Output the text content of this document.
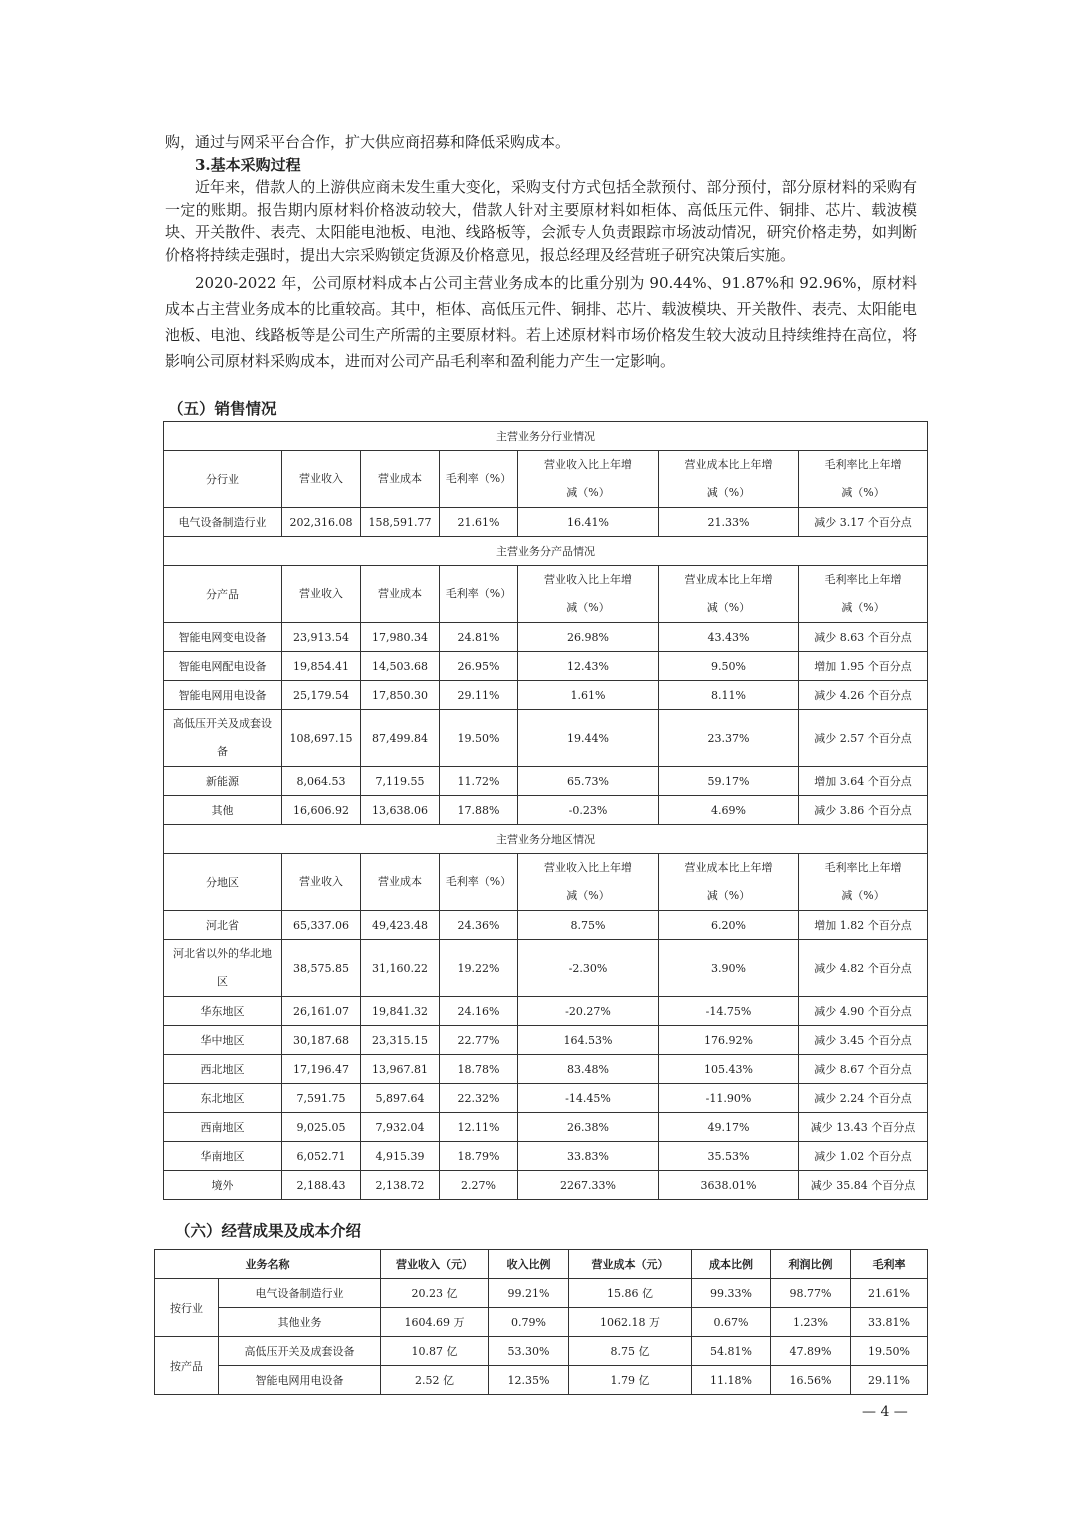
购，通过与网采平台合作，扩大供应商招募和降低采购成本。

3.基本采购过程

近年来，借款人的上游供应商未发生重大变化，采购支付方式包括全款预付、部分预付，部分原材料的采购有一定的账期。报告期内原材料价格波动较大，借款人针对主要原材料如柜体、高低压元件、铜排、芯片、载波模块、开关散件、表壳、太阳能电池板、电池、线路板等，会派专人负责跟踪市场波动情况，研究价格走势，如判断价格将持续走强时，提出大宗采购锁定货源及价格意见，报总经理及经营班子研究决策后实施。

2020-2022 年，公司原材料成本占公司主营业务成本的比重分别为 90.44%、91.87%和 92.96%，原材料成本占主营业务成本的比重较高。其中，柜体、高低压元件、铜排、芯片、载波模块、开关散件、表壳、太阳能电池板、电池、线路板等是公司生产所需的主要原材料。若上述原材料市场价格发生较大波动且持续维持在高位，将影响公司原材料采购成本，进而对公司产品毛利率和盈利能力产生一定影响。

（五）销售情况
主营业务分行业情况						
分行业	营业收入	营业成本	毛利率（%）	营业收入比上年增减（%）	营业成本比上年增减（%）	毛利率比上年增减（%）
电气设备制造行业	202,316.08	158,591.77	21.61%	16.41%	21.33%	减少 3.17 个百分点
主营业务分产品情况						
分产品	营业收入	营业成本	毛利率（%）	营业收入比上年增减（%）	营业成本比上年增减（%）	毛利率比上年增减（%）
智能电网变电设备	23,913.54	17,980.34	24.81%	26.98%	43.43%	减少 8.63 个百分点
智能电网配电设备	19,854.41	14,503.68	26.95%	12.43%	9.50%	增加 1.95 个百分点
智能电网用电设备	25,179.54	17,850.30	29.11%	1.61%	8.11%	减少 4.26 个百分点
高低压开关及成套设备	108,697.15	87,499.84	19.50%	19.44%	23.37%	减少 2.57 个百分点
新能源	8,064.53	7,119.55	11.72%	65.73%	59.17%	增加 3.64 个百分点
其他	16,606.92	13,638.06	17.88%	-0.23%	4.69%	减少 3.86 个百分点
主营业务分地区情况						
分地区	营业收入	营业成本	毛利率（%）	营业收入比上年增减（%）	营业成本比上年增减（%）	毛利率比上年增减（%）
河北省	65,337.06	49,423.48	24.36%	8.75%	6.20%	增加 1.82 个百分点
河北省以外的华北地区	38,575.85	31,160.22	19.22%	-2.30%	3.90%	减少 4.82 个百分点
华东地区	26,161.07	19,841.32	24.16%	-20.27%	-14.75%	减少 4.90 个百分点
华中地区	30,187.68	23,315.15	22.77%	164.53%	176.92%	减少 3.45 个百分点
西北地区	17,196.47	13,967.81	18.78%	83.48%	105.43%	减少 8.67 个百分点
东北地区	7,591.75	5,897.64	22.32%	-14.45%	-11.90%	减少 2.24 个百分点
西南地区	9,025.05	7,932.04	12.11%	26.38%	49.17%	减少 13.43 个百分点
华南地区	6,052.71	4,915.39	18.79%	33.83%	35.53%	减少 1.02 个百分点
境外	2,188.43	2,138.72	2.27%	2267.33%	3638.01%	减少 35.84 个百分点
（六）经营成果及成本介绍
业务名称		营业收入（元）	收入比例	营业成本（元）	成本比例	利润比例	毛利率
按行业	电气设备制造行业	20.23 亿	99.21%	15.86 亿	99.33%	98.77%	21.61%
	其他业务	1604.69 万	0.79%	1062.18 万	0.67%	1.23%	33.81%
按产品	高低压开关及成套设备	10.87 亿	53.30%	8.75 亿	54.81%	47.89%	19.50%
	智能电网用电设备	2.52 亿	12.35%	1.79 亿	11.18%	16.56%	29.11%
— 4 —
